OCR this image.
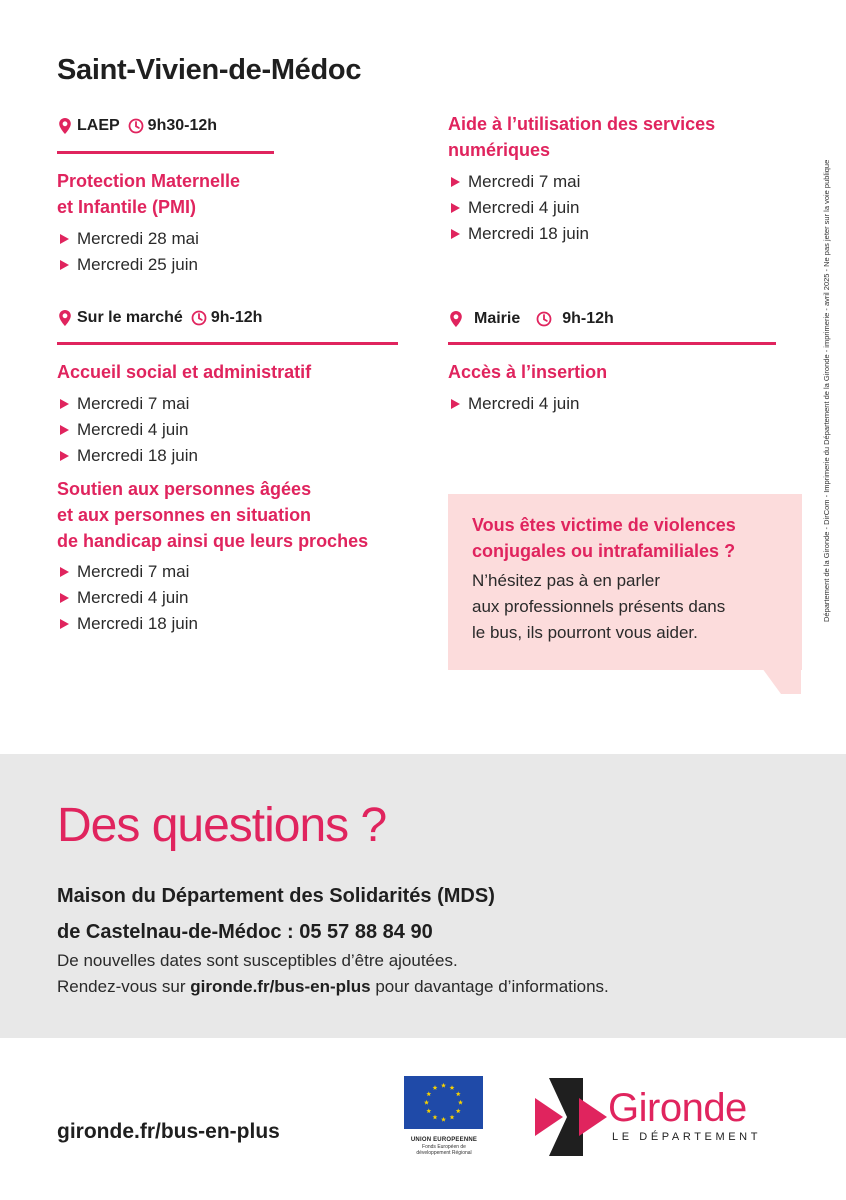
Saint-Vivien-de-Médoc
LAEP 9h30-12h
Protection Maternelle
et Infantile (PMI)
Mercredi 28 mai
Mercredi 25 juin
Sur le marché 9h-12h
Accueil social et administratif
Mercredi 7 mai
Mercredi 4 juin
Mercredi 18 juin
Soutien aux personnes âgées
et aux personnes en situation
de handicap ainsi que leurs proches
Mercredi 7 mai
Mercredi 4 juin
Mercredi 18 juin
Aide à l’utilisation des services
numériques
Mercredi 7 mai
Mercredi 4 juin
Mercredi 18 juin
Mairie	9h-12h
Accès à l’insertion
Mercredi 4 juin
Vous êtes victime de violences
conjugales ou intrafamiliales ?
N’hésitez pas à en parler
aux professionnels présents dans
le bus, ils pourront vous aider.
Département de la Gironde - DirCom - Imprimerie du Département de la Gironde - imprimerie - avril 2025 - Ne pas jeter sur la voie publique
Des questions ?
Maison du Département des Solidarités (MDS)
de Castelnau-de-Médoc : 05 57 88 84 90
De nouvelles dates sont susceptibles d’être ajoutées.
Rendez-vous sur gironde.fr/bus-en-plus pour davantage d’informations.
gironde.fr/bus-en-plus	UNION EUROPEENNE
Fonds Européen de
développement Régional
Gironde
LE DÉPARTEMENT
